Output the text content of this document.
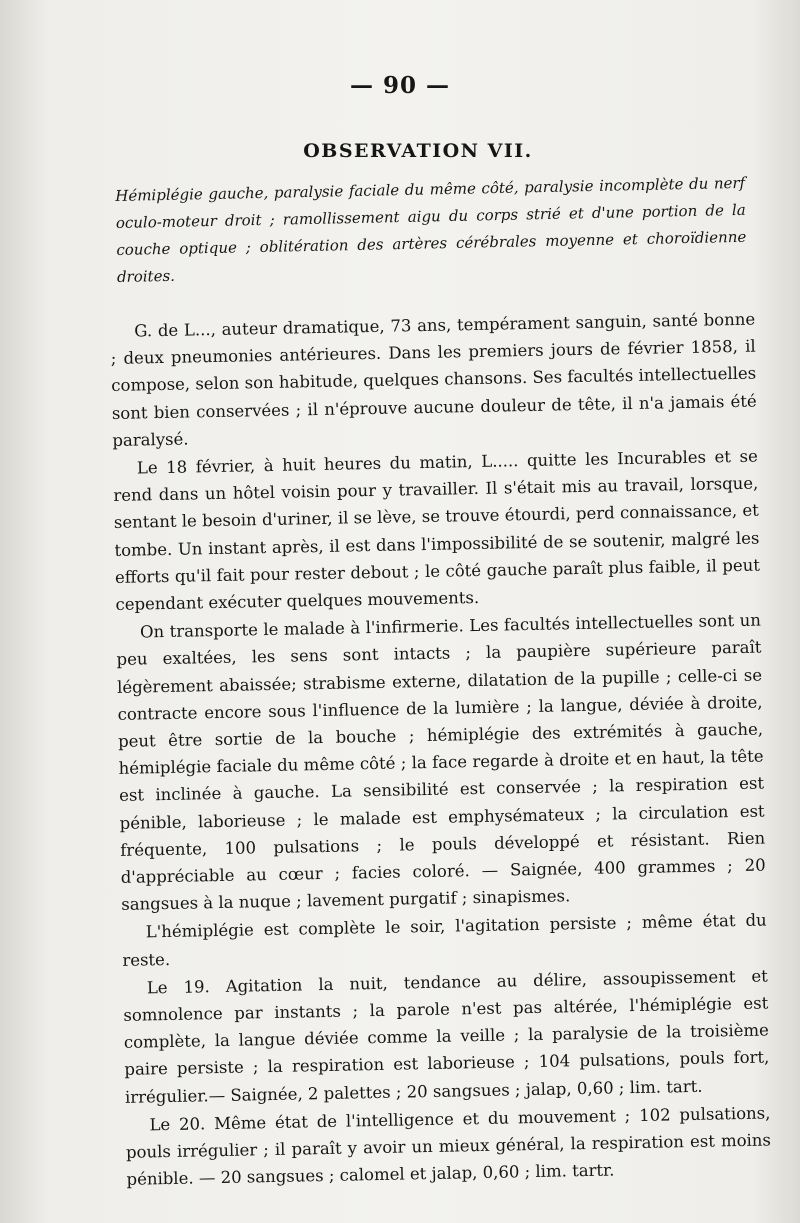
— 90 —
OBSERVATION VII.

Hémiplégie gauche, paralysie faciale du même côté, paralysie incomplète du nerf oculo-moteur droit ; ramollissement aigu du corps strié et d'une portion de la couche optique ; oblitération des artères cérébrales moyenne et choroïdienne droites.

G. de L..., auteur dramatique, 73 ans, tempérament sanguin, santé bonne ; deux pneumonies antérieures. Dans les premiers jours de février 1858, il compose, selon son habitude, quelques chansons. Ses facultés intellectuelles sont bien conservées ; il n'éprouve aucune douleur de tête, il n'a jamais été paralysé.

Le 18 février, à huit heures du matin, L..... quitte les Incurables et se rend dans un hôtel voisin pour y travailler. Il s'était mis au travail, lorsque, sentant le besoin d'uriner, il se lève, se trouve étourdi, perd connaissance, et tombe. Un instant après, il est dans l'impossibilité de se soutenir, malgré les efforts qu'il fait pour rester debout ; le côté gauche paraît plus faible, il peut cependant exécuter quelques mouvements.

On transporte le malade à l'infirmerie. Les facultés intellectuelles sont un peu exaltées, les sens sont intacts ; la paupière supérieure paraît légèrement abaissée; strabisme externe, dilatation de la pupille ; celle-ci se contracte encore sous l'influence de la lumière ; la langue, déviée à droite, peut être sortie de la bouche ; hémiplégie des extrémités à gauche, hémiplégie faciale du même côté ; la face regarde à droite et en haut, la tête est inclinée à gauche. La sensibilité est conservée ; la respiration est pénible, laborieuse ; le malade est emphysémateux ; la circulation est fréquente, 100 pulsations ; le pouls développé et résistant. Rien d'appréciable au cœur ; facies coloré. — Saignée, 400 grammes ; 20 sangsues à la nuque ; lavement purgatif ; sinapismes.

L'hémiplégie est complète le soir, l'agitation persiste ; même état du reste.

Le 19. Agitation la nuit, tendance au délire, assoupissement et somnolence par instants ; la parole n'est pas altérée, l'hémiplégie est complète, la langue déviée comme la veille ; la paralysie de la troisième paire persiste ; la respiration est laborieuse ; 104 pulsations, pouls fort, irrégulier.— Saignée, 2 palettes ; 20 sangsues ; jalap, 0,60 ; lim. tart.

Le 20. Même état de l'intelligence et du mouvement ; 102 pulsations, pouls irrégulier ; il paraît y avoir un mieux général, la respiration est moins pénible. — 20 sangsues ; calomel et jalap, 0,60 ; lim. tartr.
